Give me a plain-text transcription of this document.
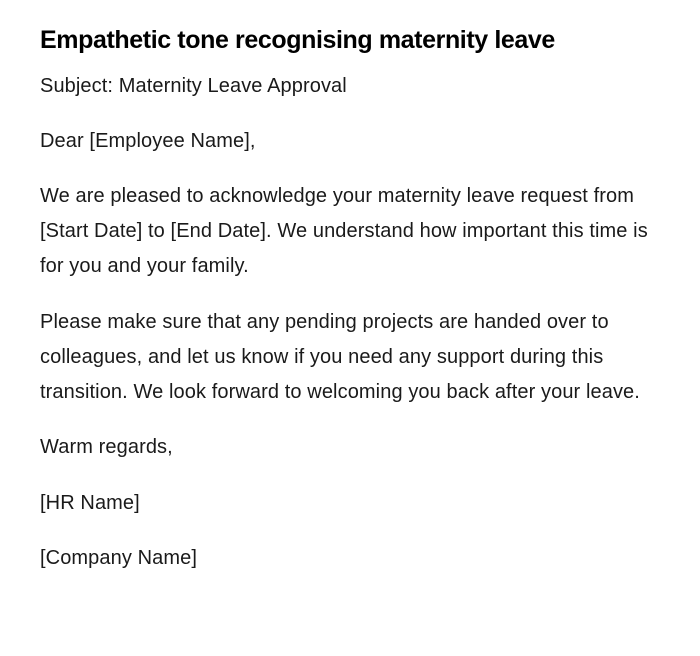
Empathetic tone recognising maternity leave

Subject: Maternity Leave Approval

Dear [Employee Name],

We are pleased to acknowledge your maternity leave request from [Start Date] to [End Date]. We understand how important this time is for you and your family.

Please make sure that any pending projects are handed over to colleagues, and let us know if you need any support during this transition. We look forward to welcoming you back after your leave.

Warm regards,

[HR Name]

[Company Name]
